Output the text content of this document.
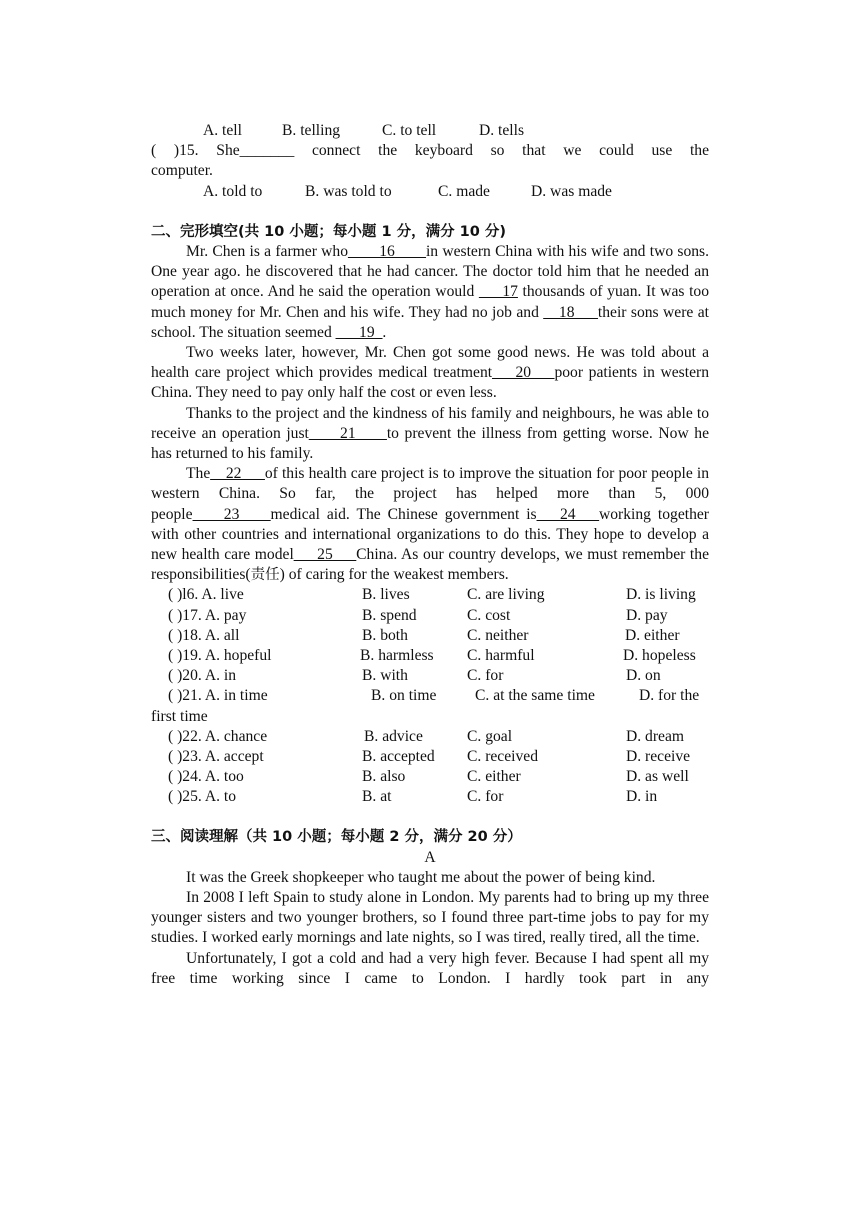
A. tell	B. telling	C. to tell	D. tells
( )15. She_______ connect the keyboard so that we could use the
computer.
A. told to	B. was told to	C. made	D. was made
二、完形填空(共 10 小题；每小题 1 分，满分 10 分)
Mr. Chen is a farmer who____16____in western China with his wife and two sons. One year ago. he discovered that he had cancer. The doctor told him that he needed an operation at once. And he said the operation would ___17 thousands of yuan. It was too much money for Mr. Chen and his wife. They had no job and __18___their sons were at school. The situation seemed ___19_.
Two weeks later, however, Mr. Chen got some good news. He was told about a health care project which provides medical treatment___20___poor patients in western China. They need to pay only half the cost or even less.
Thanks to the project and the kindness of his family and neighbours, he was able to receive an operation just____21____to prevent the illness from getting worse. Now he has returned to his family.
The__22___of this health care project is to improve the situation for poor people in western China. So far, the project has helped more than 5, 000 people____23____medical aid. The Chinese government is___24___working together with other countries and international organizations to do this. They hope to develop a new health care model___25___China. As our country develops, we must remember the responsibilities(责任) of caring for the weakest members.
( )l6. A. live	B. lives	C. are living	D. is living
( )17. A. pay	B. spend	C. cost	D. pay
( )18. A. all	B. both	C. neither	D. either
( )19. A. hopeful	B. harmless C. harmful	D. hopeless
( )20. A. in	B. with	C. for	D. on
( )21. A. in time	B. on time C. at the same time	D. for the
first time
( )22. A. chance	B. advice	C. goal	D. dream
( )23. A. accept	B. accepted C. received	D. receive
( )24. A. too	B. also	C. either	D. as well
( )25. A. to	B. at	C. for	D. in
三、阅读理解（共 10 小题；每小题 2 分，满分 20 分）
A
It was the Greek shopkeeper who taught me about the power of being kind.
In 2008 I left Spain to study alone in London. My parents had to bring up my three younger sisters and two younger brothers, so I found three part-time jobs to pay for my studies. I worked early mornings and late nights, so I was tired, really tired, all the time.
Unfortunately, I got a cold and had a very high fever. Because I had spent all my free time working since I came to London. I hardly took part in any
